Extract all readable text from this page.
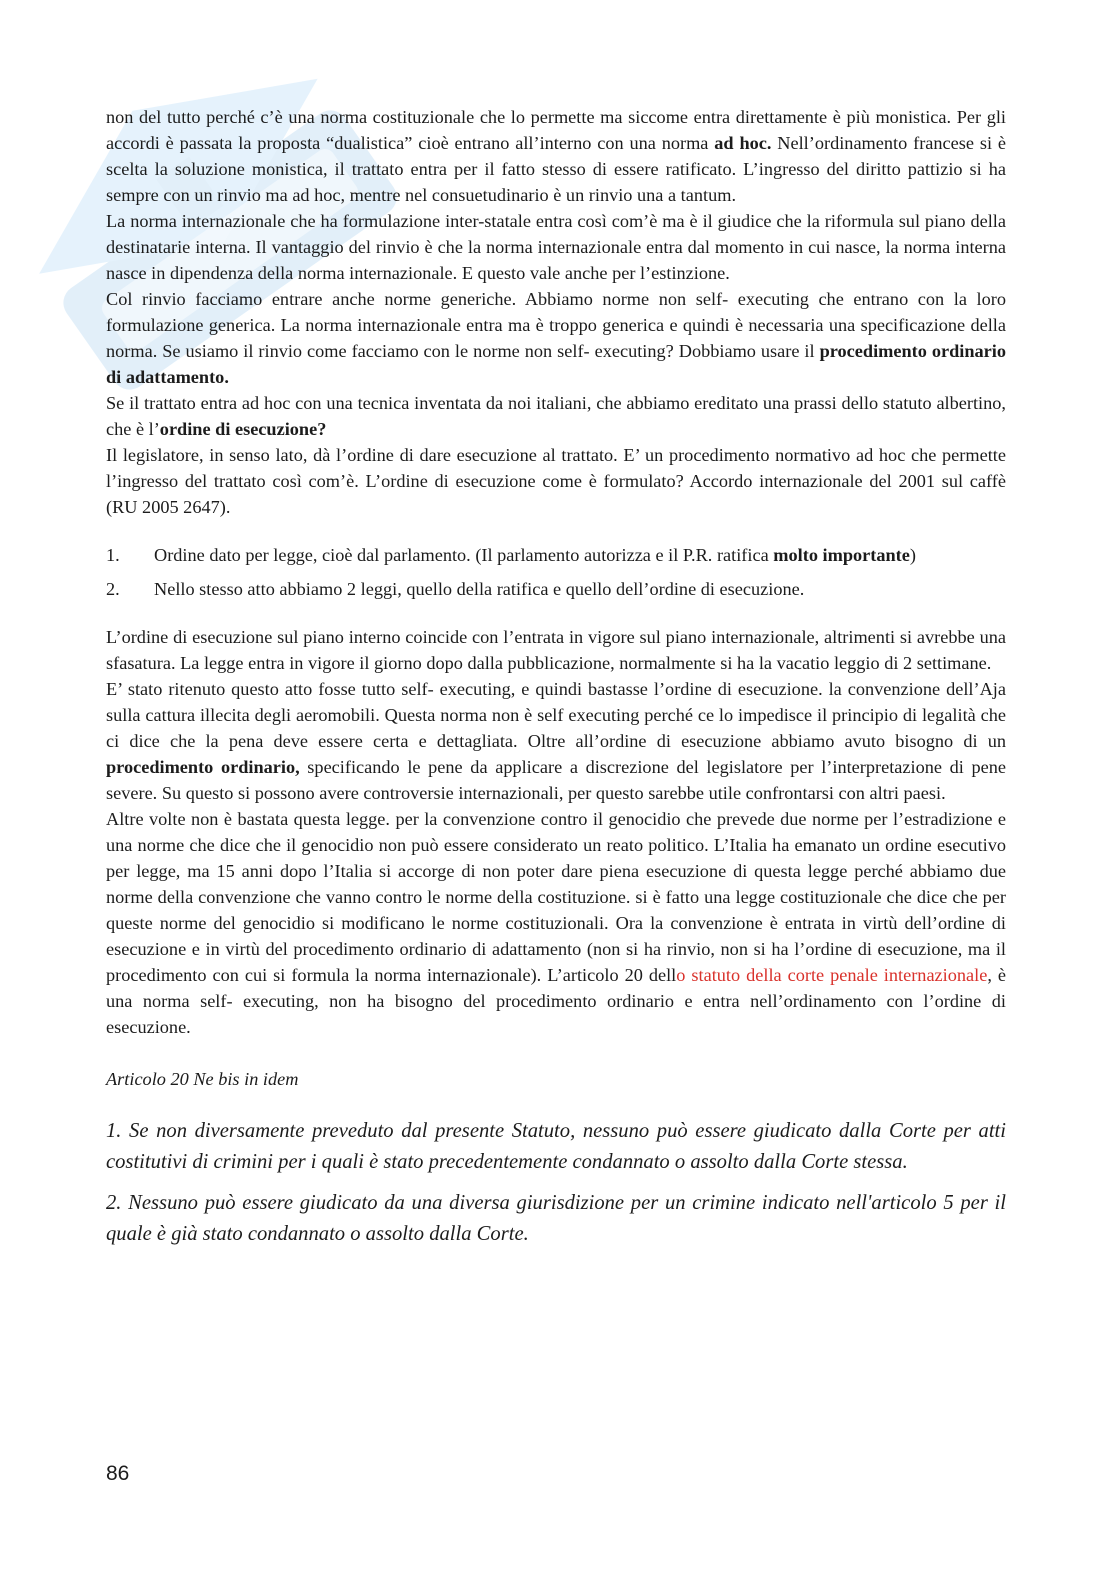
non del tutto perché c’è una norma costituzionale che lo permette ma siccome entra direttamente è più monistica. Per gli accordi è passata la proposta “dualistica” cioè entrano all’interno con una norma ad hoc. Nell’ordinamento francese si è scelta la soluzione monistica, il trattato entra per il fatto stesso di essere ratificato. L’ingresso del diritto pattizio si ha sempre con un rinvio ma ad hoc, mentre nel consuetudinario è un rinvio una a tantum.

La norma internazionale che ha formulazione inter-statale entra così com’è ma è il giudice che la riformula sul piano della destinatarie interna. Il vantaggio del rinvio è che la norma internazionale entra dal momento in cui nasce, la norma interna nasce in dipendenza della norma internazionale. E questo vale anche per l’estinzione.

Col rinvio facciamo entrare anche norme generiche. Abbiamo norme non self- executing che entrano con la loro formulazione generica. La norma internazionale entra ma è troppo generica e quindi è necessaria una specificazione della norma. Se usiamo il rinvio come facciamo con le norme non self- executing? Dobbiamo usare il procedimento ordinario di adattamento.

Se il trattato entra ad hoc con una tecnica inventata da noi italiani, che abbiamo ereditato una prassi dello statuto albertino, che è l’ordine di esecuzione?

Il legislatore, in senso lato, dà l’ordine di dare esecuzione al trattato. E’ un procedimento normativo ad hoc che permette l’ingresso del trattato così com’è. L’ordine di esecuzione come è formulato? Accordo internazionale del 2001 sul caffè (RU 2005 2647).

1. Ordine dato per legge, cioè dal parlamento. (Il parlamento autorizza e il P.R. ratifica molto importante)
2. Nello stesso atto abbiamo 2 leggi, quello della ratifica e quello dell’ordine di esecuzione.

L’ordine di esecuzione sul piano interno coincide con l’entrata in vigore sul piano internazionale, altrimenti si avrebbe una sfasatura. La legge entra in vigore il giorno dopo dalla pubblicazione, normalmente si ha la vacatio leggio di 2 settimane.

E’ stato ritenuto questo atto fosse tutto self- executing, e quindi bastasse l’ordine di esecuzione. la convenzione dell’Aja sulla cattura illecita degli aeromobili. Questa norma non è self executing perché ce lo impedisce il principio di legalità che ci dice che la pena deve essere certa e dettagliata. Oltre all’ordine di esecuzione abbiamo avuto bisogno di un procedimento ordinario, specificando le pene da applicare a discrezione del legislatore per l’interpretazione di pene severe. Su questo si possono avere controversie internazionali, per questo sarebbe utile confrontarsi con altri paesi.

Altre volte non è bastata questa legge. per la convenzione contro il genocidio che prevede due norme per l’estradizione e una norme che dice che il genocidio non può essere considerato un reato politico. L’Italia ha emanato un ordine esecutivo per legge, ma 15 anni dopo l’Italia si accorge di non poter dare piena esecuzione di questa legge perché abbiamo due norme della convenzione che vanno contro le norme della costituzione. si è fatto una legge costituzionale che dice che per queste norme del genocidio si modificano le norme costituzionali. Ora la convenzione è entrata in virtù dell’ordine di esecuzione e in virtù del procedimento ordinario di adattamento (non si ha rinvio, non si ha l’ordine di esecuzione, ma il procedimento con cui si formula la norma internazionale). L’articolo 20 dello statuto della corte penale internazionale, è una norma self- executing, non ha bisogno del procedimento ordinario e entra nell’ordinamento con l’ordine di esecuzione.

Articolo 20 Ne bis in idem

1. Se non diversamente preveduto dal presente Statuto, nessuno può essere giudicato dalla Corte per atti costitutivi di crimini per i quali è stato precedentemente condannato o assolto dalla Corte stessa.

2. Nessuno può essere giudicato da una diversa giurisdizione per un crimine indicato nell'articolo 5 per il quale è già stato condannato o assolto dalla Corte.

86
